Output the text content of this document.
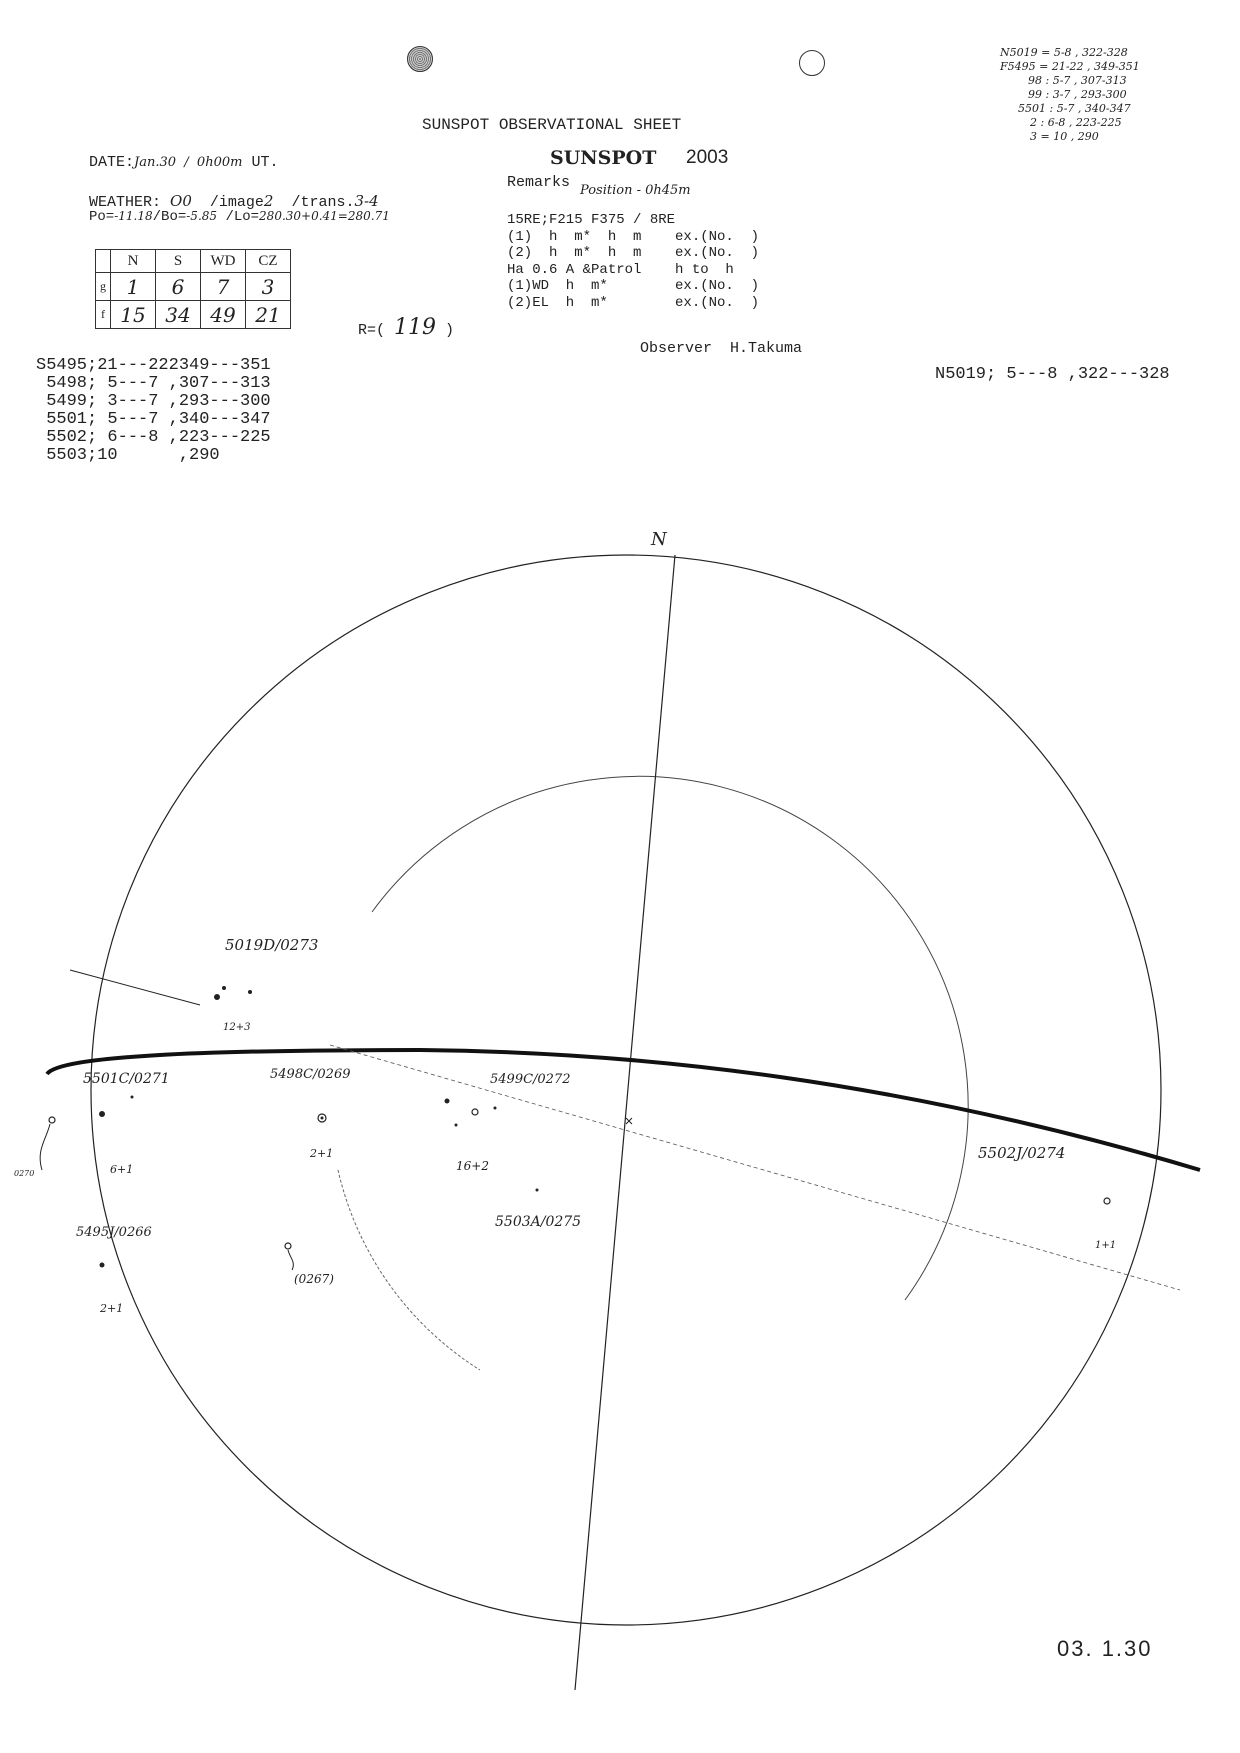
N5019 = 5-8 , 322-328
F5495 = 21-22 , 349-351
98 : 5-7 , 307-313
99 : 3-7 , 293-300
5501 : 5-7 , 340-347
2 : 6-8 , 223-225
3 = 10 , 290
SUNSPOT OBSERVATIONAL SHEET
SUNSPOT 2003
DATE:Jan.30  /  0h00m UT.
WEATHER: O0 /image2 /trans.3-4
Po=-11.18/Bo=-5.85 /Lo=280.30+0.41=280.71
	N	S	WD	CZ
g	1	6	7	3
f	15	34	49	21
R=( 119 )
Remarks Position - 0h45m
15RE;F215 F375 / 8RE
(1)  h  m*  h  m    ex.(No.  )
(2)  h  m*  h  m    ex.(No.  )
Ha 0.6 A &Patrol    h to  h
(1)WD  h  m*        ex.(No.  )
(2)EL  h  m*        ex.(No.  )
Observer H.Takuma
S5495;21---222349---351
5498; 5---7 ,307---313
5499; 3---7 ,293---300
5501; 5---7 ,340---347
5502; 6---8 ,223---225
5503;10      ,290
N5019; 5---8 ,322---328
N
5019D/0273
12+3
5501C/0271
6+1
5498C/0269
2+1
5499C/0272
16+2
5503A/0275
5502J/0274
1+1
5495J/0266
2+1
(0267)
0270
03. 1.30
